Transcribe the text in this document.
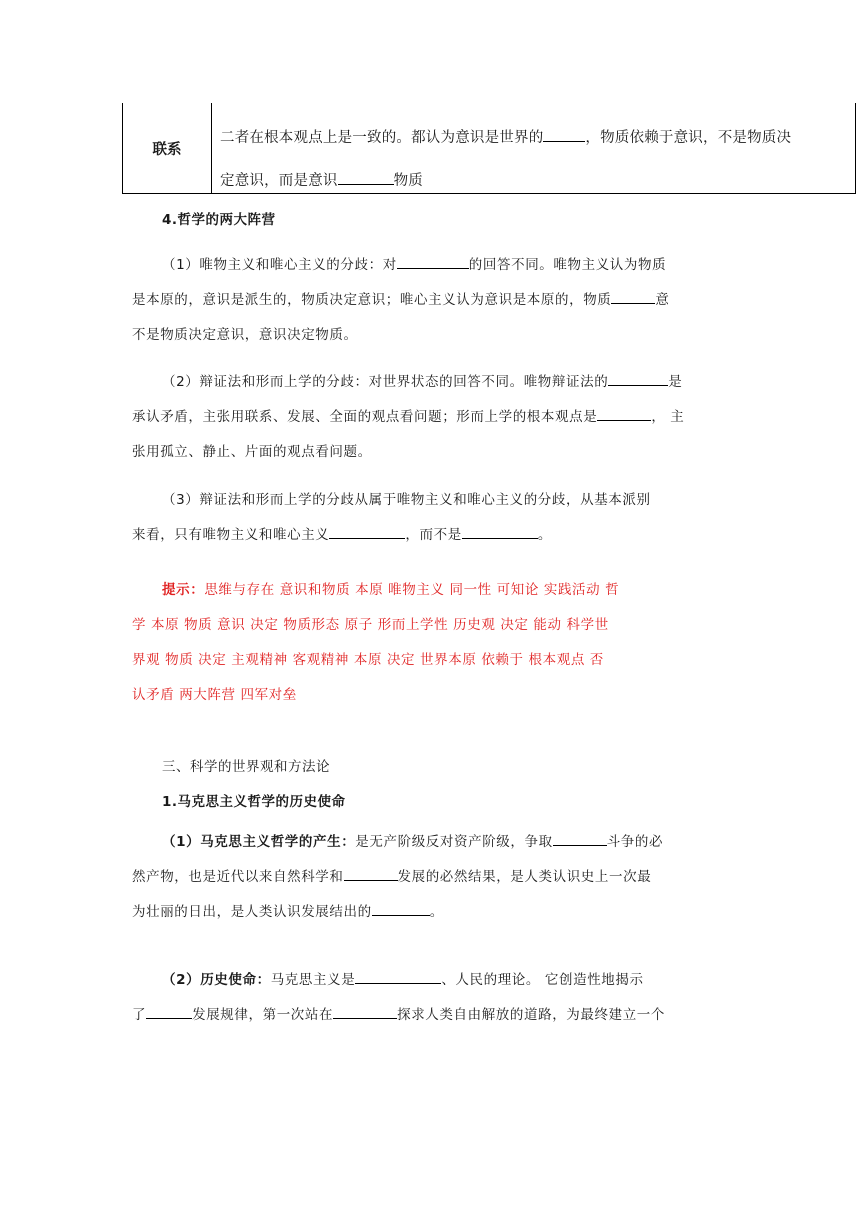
联系
二者在根本观点上是一致的。都认为意识是世界的	，物质依赖于意识，不是物质决
定意识，而是意识	物质
4.哲学的两大阵营
（1）唯物主义和唯心主义的分歧：对	的回答不同。唯物主义认为物质
是本原的，意识是派生的，物质决定意识；唯心主义认为意识是本原的，物质	意
不是物质决定意识，意识决定物质。
（2）辩证法和形而上学的分歧：对世界状态的回答不同。唯物辩证法的	是
承认矛盾，主张用联系、发展、全面的观点看问题；形而上学的根本观点是	， 主
张用孤立、静止、片面的观点看问题。
（3）辩证法和形而上学的分歧从属于唯物主义和唯心主义的分歧，从基本派别
来看，只有唯物主义和唯心主义	，而不是	。
提示：思维与存在 意识和物质 本原 唯物主义 同一性 可知论 实践活动 哲
学 本原 物质 意识 决定 物质形态 原子 形而上学性 历史观 决定 能动 科学世
界观 物质 决定 主观精神 客观精神 本原 决定 世界本原 依赖于 根本观点 否
认矛盾 两大阵营 四军对垒
三、科学的世界观和方法论
1.马克思主义哲学的历史使命
（1）马克思主义哲学的产生：是无产阶级反对资产阶级，争取	斗争的必
然产物，也是近代以来自然科学和	发展的必然结果，是人类认识史上一次最
为壮丽的日出，是人类认识发展结出的	。
（2）历史使命：马克思主义是	、人民的理论。 它创造性地揭示
了	发展规律，第一次站在	探求人类自由解放的道路，为最终建立一个
